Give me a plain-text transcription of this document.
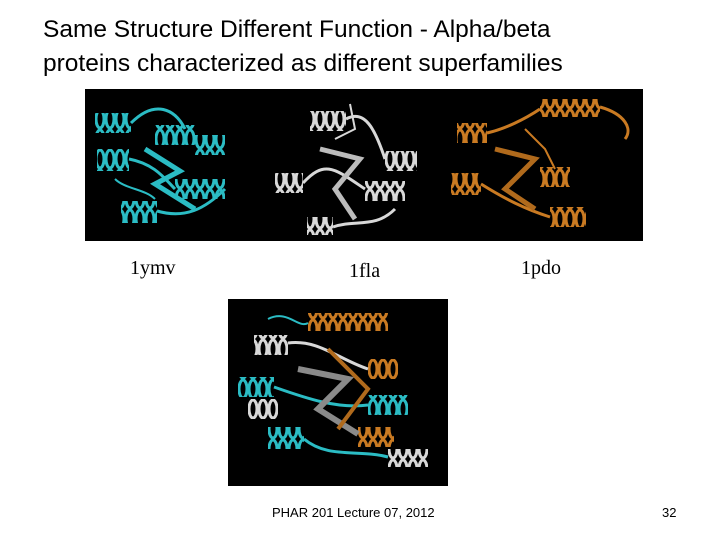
Same Structure Different Function - Alpha/beta
proteins characterized as different superfamilies
1ymv	1fla	1pdo
PHAR 201 Lecture 07, 2012	32
